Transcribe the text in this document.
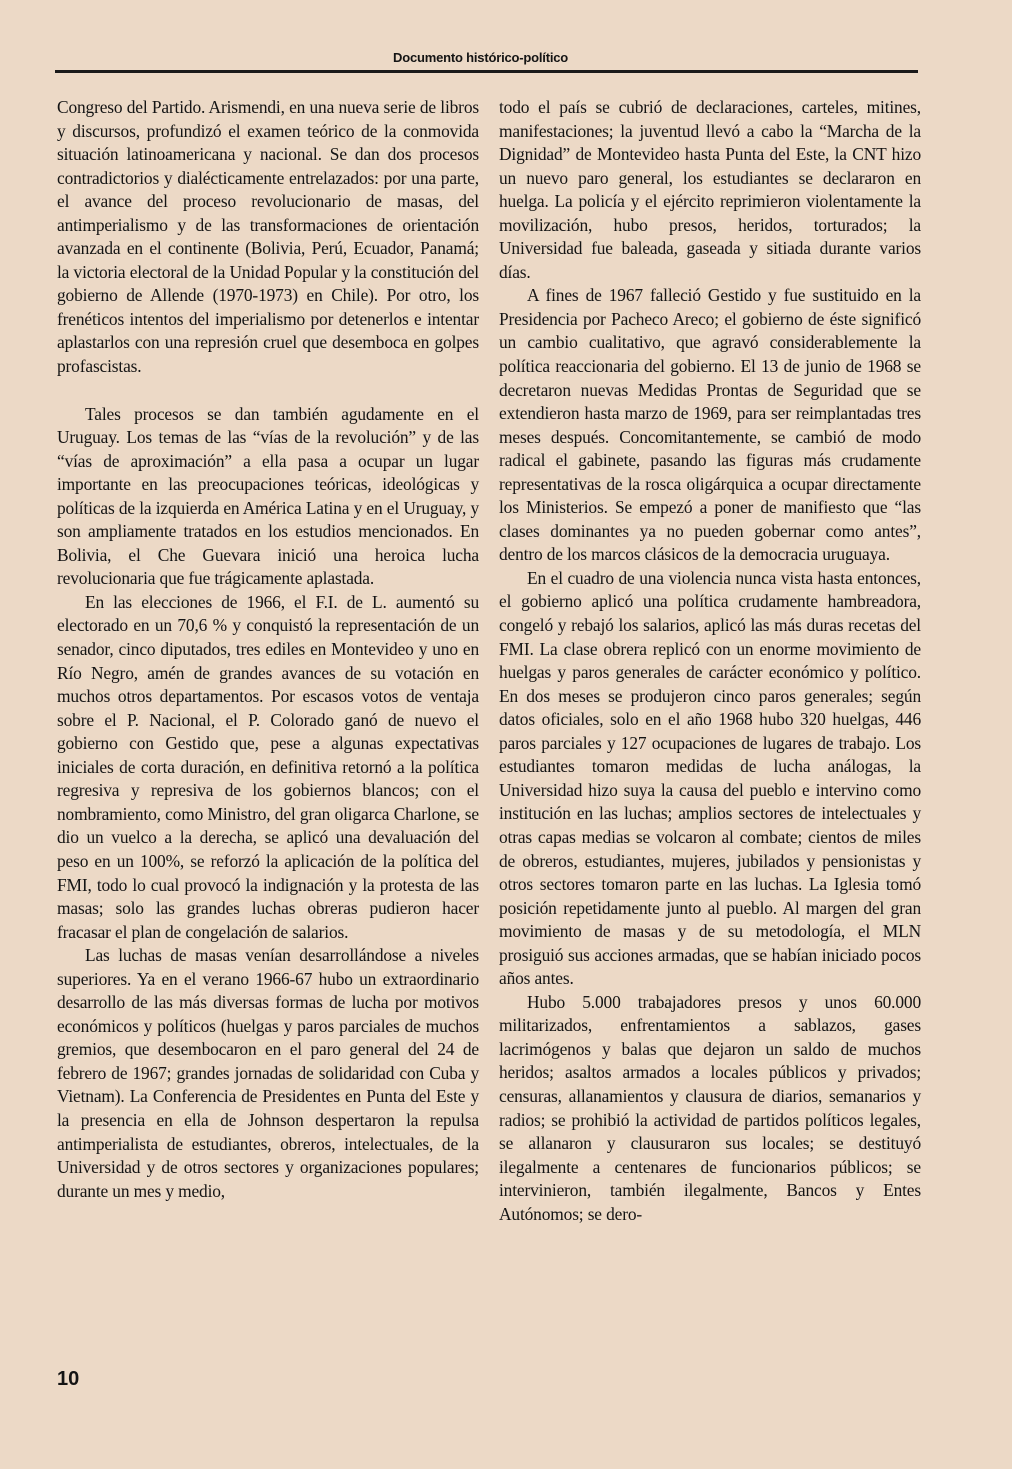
Documento histórico-político

Congreso del Partido. Arismendi, en una nueva serie de libros y discursos, profundizó el examen teórico de la conmovida situación latinoamericana y nacional. Se dan dos procesos contradictorios y dialécticamente entrelazados: por una parte, el avance del proceso revolucionario de masas, del antimperialismo y de las transformaciones de orientación avanzada en el continente (Bolivia, Perú, Ecuador, Panamá; la victoria electoral de la Unidad Popular y la constitución del gobierno de Allende (1970-1973) en Chile). Por otro, los frenéticos intentos del imperialismo por detenerlos e intentar aplastarlos con una represión cruel que desemboca en golpes profascistas.

Tales procesos se dan también agudamente en el Uruguay. Los temas de las “vías de la revolución” y de las “vías de aproximación” a ella pasa a ocupar un lugar importante en las preocupaciones teóricas, ideológicas y políticas de la izquierda en América Latina y en el Uruguay, y son ampliamente tratados en los estudios mencionados. En Bolivia, el Che Guevara inició una heroica lucha revolucionaria que fue trágicamente aplastada.

En las elecciones de 1966, el F.I. de L. aumentó su electorado en un 70,6 % y conquistó la representación de un senador, cinco diputados, tres ediles en Montevideo y uno en Río Negro, amén de grandes avances de su votación en muchos otros departamentos. Por escasos votos de ventaja sobre el P. Nacional, el P. Colorado ganó de nuevo el gobierno con Gestido que, pese a algunas expectativas iniciales de corta duración, en definitiva retornó a la política regresiva y represiva de los gobiernos blancos; con el nombramiento, como Ministro, del gran oligarca Charlone, se dio un vuelco a la derecha, se aplicó una devaluación del peso en un 100%, se reforzó la aplicación de la política del FMI, todo lo cual provocó la indignación y la protesta de las masas; solo las grandes luchas obreras pudieron hacer fracasar el plan de congelación de salarios.

Las luchas de masas venían desarrollándose a niveles superiores. Ya en el verano 1966-67 hubo un extraordinario desarrollo de las más diversas formas de lucha por motivos económicos y políticos (huelgas y paros parciales de muchos gremios, que desembocaron en el paro general del 24 de febrero de 1967; grandes jornadas de solidaridad con Cuba y Vietnam). La Conferencia de Presidentes en Punta del Este y la presencia en ella de Johnson despertaron la repulsa antimperialista de estudiantes, obreros, intelectuales, de la Universidad y de otros sectores y organizaciones populares; durante un mes y medio,

todo el país se cubrió de declaraciones, carteles, mitines, manifestaciones; la juventud llevó a cabo la “Marcha de la Dignidad” de Montevideo hasta Punta del Este, la CNT hizo un nuevo paro general, los estudiantes se declararon en huelga. La policía y el ejército reprimieron violentamente la movilización, hubo presos, heridos, torturados; la Universidad fue baleada, gaseada y sitiada durante varios días.

A fines de 1967 falleció Gestido y fue sustituido en la Presidencia por Pacheco Areco; el gobierno de éste significó un cambio cualitativo, que agravó considerablemente la política reaccionaria del gobierno. El 13 de junio de 1968 se decretaron nuevas Medidas Prontas de Seguridad que se extendieron hasta marzo de 1969, para ser reimplantadas tres meses después. Concomitantemente, se cambió de modo radical el gabinete, pasando las figuras más crudamente representativas de la rosca oligárquica a ocupar directamente los Ministerios. Se empezó a poner de manifiesto que “las clases dominantes ya no pueden gobernar como antes”, dentro de los marcos clásicos de la democracia uruguaya.

En el cuadro de una violencia nunca vista hasta entonces, el gobierno aplicó una política crudamente hambreadora, congeló y rebajó los salarios, aplicó las más duras recetas del FMI. La clase obrera replicó con un enorme movimiento de huelgas y paros generales de carácter económico y político. En dos meses se produjeron cinco paros generales; según datos oficiales, solo en el año 1968 hubo 320 huelgas, 446 paros parciales y 127 ocupaciones de lugares de trabajo. Los estudiantes tomaron medidas de lucha análogas, la Universidad hizo suya la causa del pueblo e intervino como institución en las luchas; amplios sectores de intelectuales y otras capas medias se volcaron al combate; cientos de miles de obreros, estudiantes, mujeres, jubilados y pensionistas y otros sectores tomaron parte en las luchas. La Iglesia tomó posición repetidamente junto al pueblo. Al margen del gran movimiento de masas y de su metodología, el MLN prosiguió sus acciones armadas, que se habían iniciado pocos años antes.

Hubo 5.000 trabajadores presos y unos 60.000 militarizados, enfrentamientos a sablazos, gases lacrimógenos y balas que dejaron un saldo de muchos heridos; asaltos armados a locales públicos y privados; censuras, allanamientos y clausura de diarios, semanarios y radios; se prohibió la actividad de partidos políticos legales, se allanaron y clausuraron sus locales; se destituyó ilegalmente a centenares de funcionarios públicos; se intervinieron, también ilegalmente, Bancos y Entes Autónomos; se dero-

10
